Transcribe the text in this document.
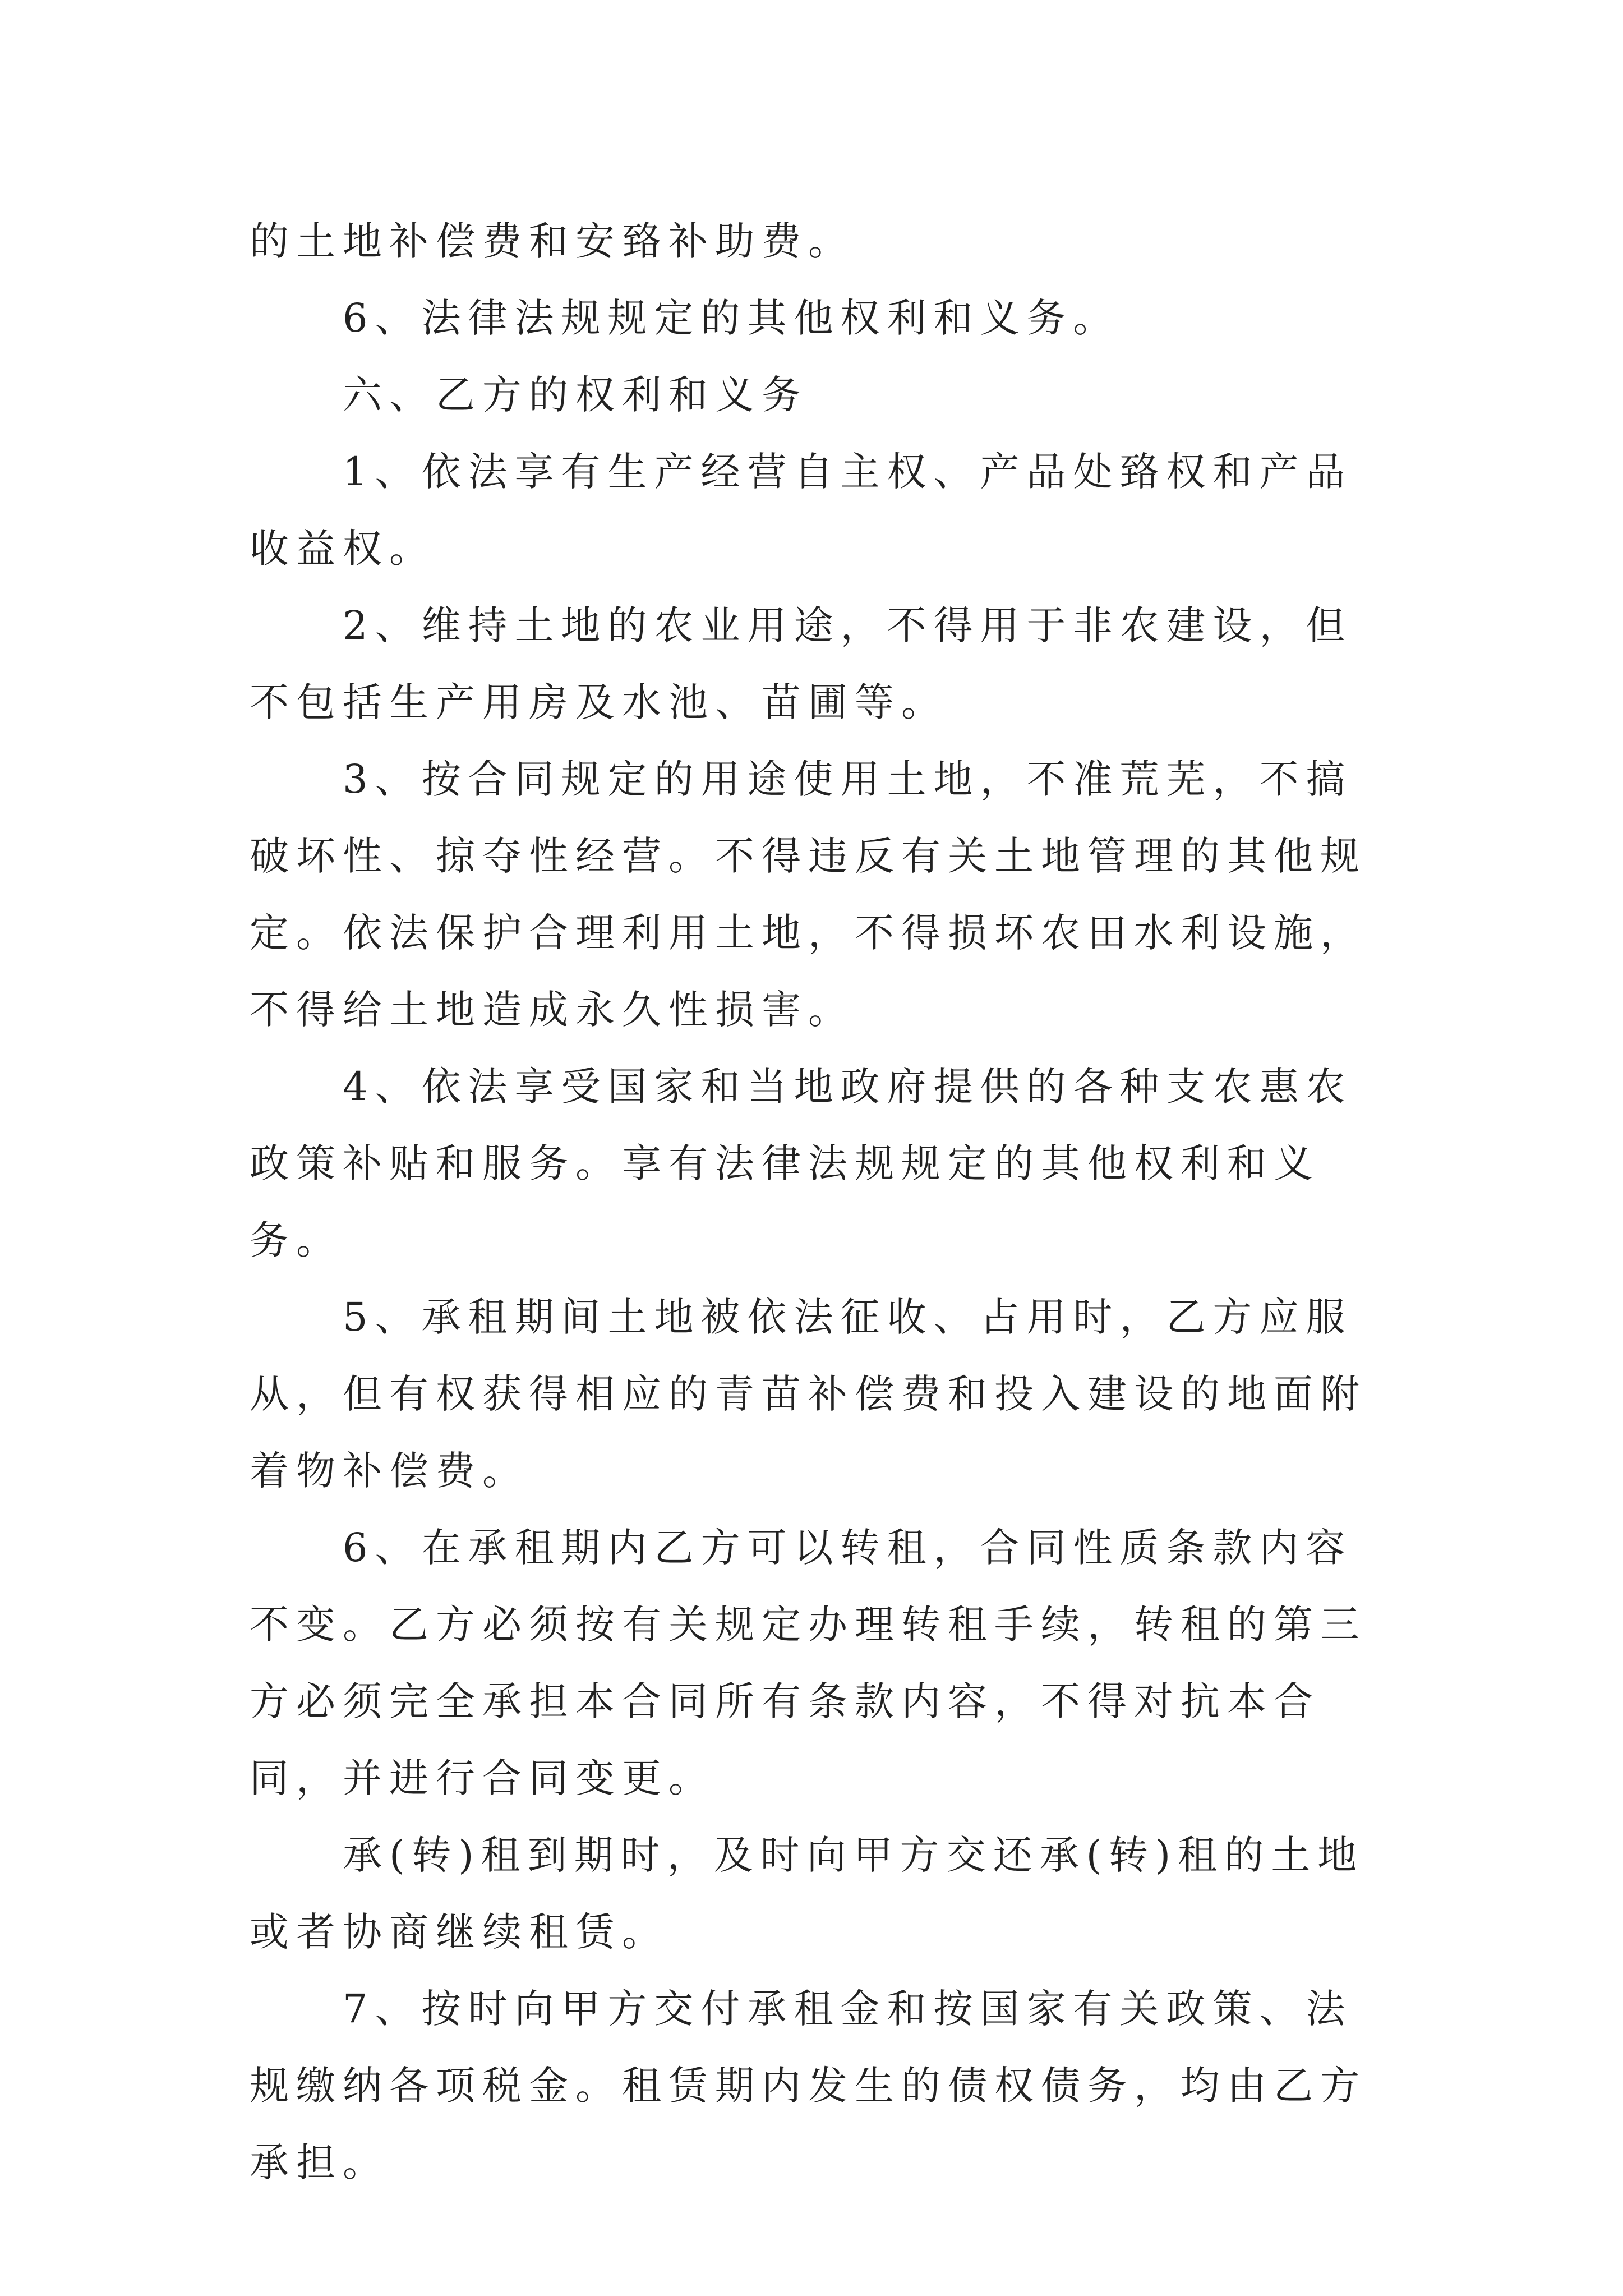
的土地补偿费和安臵补助费。

6、法律法规规定的其他权利和义务。

六、乙方的权利和义务

1、依法享有生产经营自主权、产品处臵权和产品收益权。

2、维持土地的农业用途，不得用于非农建设，但不包括生产用房及水池、苗圃等。

3、按合同规定的用途使用土地，不准荒芜，不搞破坏性、掠夺性经营。不得违反有关土地管理的其他规定。依法保护合理利用土地，不得损坏农田水利设施，不得给土地造成永久性损害。

4、依法享受国家和当地政府提供的各种支农惠农政策补贴和服务。享有法律法规规定的其他权利和义务。

5、承租期间土地被依法征收、占用时，乙方应服从，但有权获得相应的青苗补偿费和投入建设的地面附着物补偿费。

6、在承租期内乙方可以转租，合同性质条款内容不变。乙方必须按有关规定办理转租手续，转租的第三方必须完全承担本合同所有条款内容，不得对抗本合同，并进行合同变更。

承(转)租到期时，及时向甲方交还承(转)租的土地或者协商继续租赁。

7、按时向甲方交付承租金和按国家有关政策、法规缴纳各项税金。租赁期内发生的债权债务，均由乙方承担。
